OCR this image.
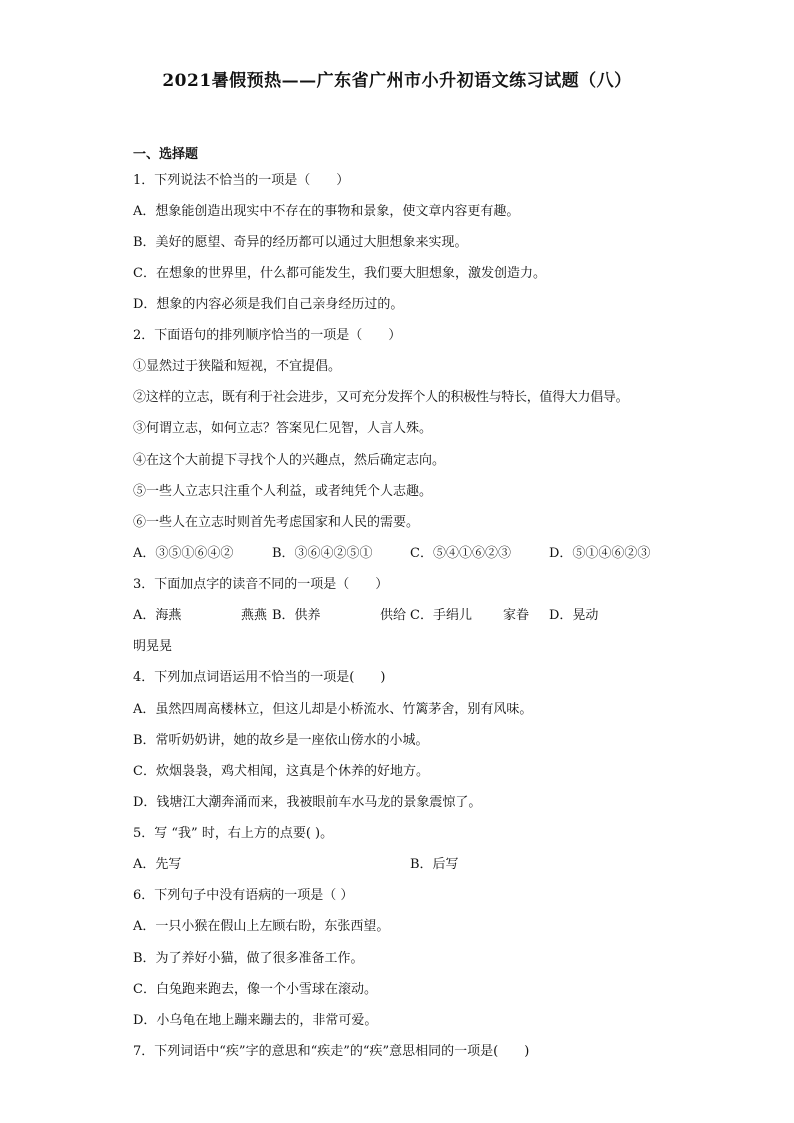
2021暑假预热——广东省广州市小升初语文练习试题（八）
一、选择题
1．下列说法不恰当的一项是（　　）
A．想象能创造出现实中不存在的事物和景象，使文章内容更有趣。
B．美好的愿望、奇异的经历都可以通过大胆想象来实现。
C．在想象的世界里，什么都可能发生，我们要大胆想象，激发创造力。
D．想象的内容必须是我们自己亲身经历过的。
2．下面语句的排列顺序恰当的一项是（　　）
①显然过于狭隘和短视，不宜提倡。
②这样的立志，既有利于社会进步，又可充分发挥个人的积极性与特长，值得大力倡导。
③何谓立志，如何立志？答案见仁见智，人言人殊。
④在这个大前提下寻找个人的兴趣点，然后确定志向。
⑤一些人立志只注重个人利益，或者纯凭个人志趣。
⑥一些人在立志时则首先考虑国家和人民的需要。
A．③⑤①⑥④②	B．③⑥④②⑤①	C．⑤④①⑥②③	D．⑤①④⑥②③
3．下面加点字的读音不同的一项是（　　）
A．海燕	燕燕 B．供养	供给 C．手绢儿 家眷 D．晃动
明晃晃
4．下列加点词语运用不恰当的一项是(　　)
A．虽然四周高楼林立，但这儿却是小桥流水、竹篱茅舍，别有风味。
B．常听奶奶讲，她的故乡是一座依山傍水的小城。
C．炊烟袅袅，鸡犬相闻，这真是个休养的好地方。
D．钱塘江大潮奔涌而来，我被眼前车水马龙的景象震惊了。
5．写 “我” 时，右上方的点要( )。
A．先写	B．后写
6．下列句子中没有语病的一项是（ ）
A．一只小猴在假山上左顾右盼，东张西望。
B．为了养好小猫，做了很多准备工作。
C．白兔跑来跑去，像一个小雪球在滚动。
D．小乌龟在地上蹦来蹦去的，非常可爱。
7．下列词语中“疾”字的意思和“疾走”的“疾”意思相同的一项是(　　)
